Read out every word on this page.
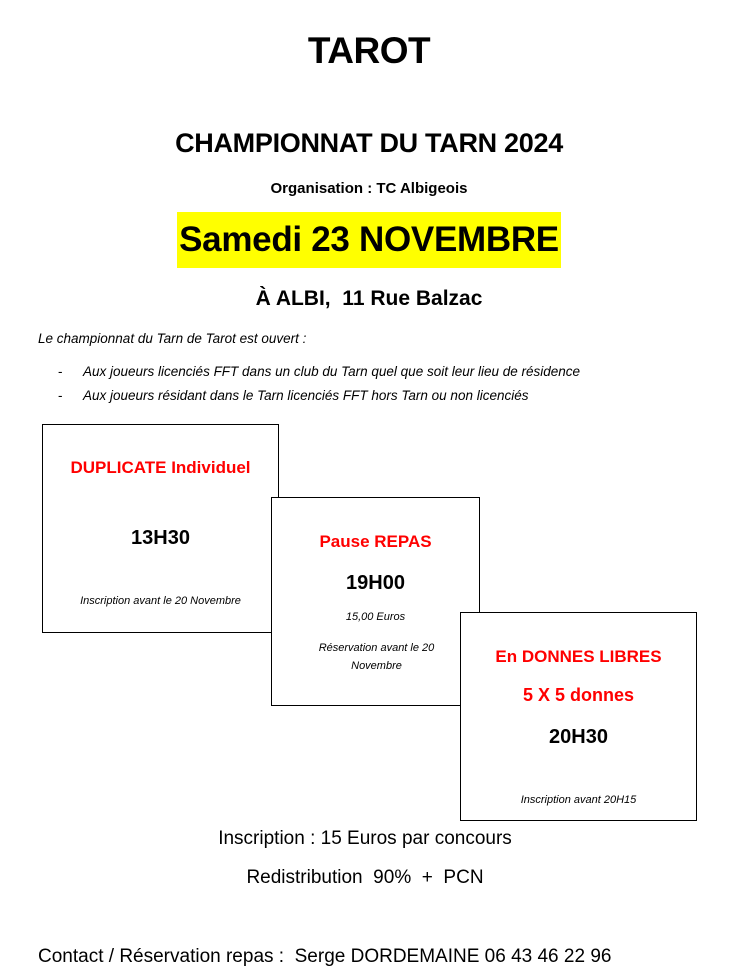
TAROT
CHAMPIONNAT DU TARN 2024
Organisation : TC Albigeois
Samedi 23 NOVEMBRE
À ALBI,  11 Rue Balzac
Le championnat du Tarn de Tarot est ouvert :
- Aux joueurs licenciés FFT dans un club du Tarn quel que soit leur lieu de résidence
- Aux joueurs résidant dans le Tarn licenciés FFT hors Tarn ou non licenciés
DUPLICATE Individuel
13H30
Inscription avant le 20 Novembre
Pause REPAS
19H00
15,00 Euros
Réservation avant le 20 Novembre	En DONNES LIBRES
5 X 5 donnes
20H30
Inscription avant 20H15
Inscription : 15 Euros par concours
Redistribution  90%  +  PCN
Contact / Réservation repas :  Serge DORDEMAINE 06 43 46 22 96
